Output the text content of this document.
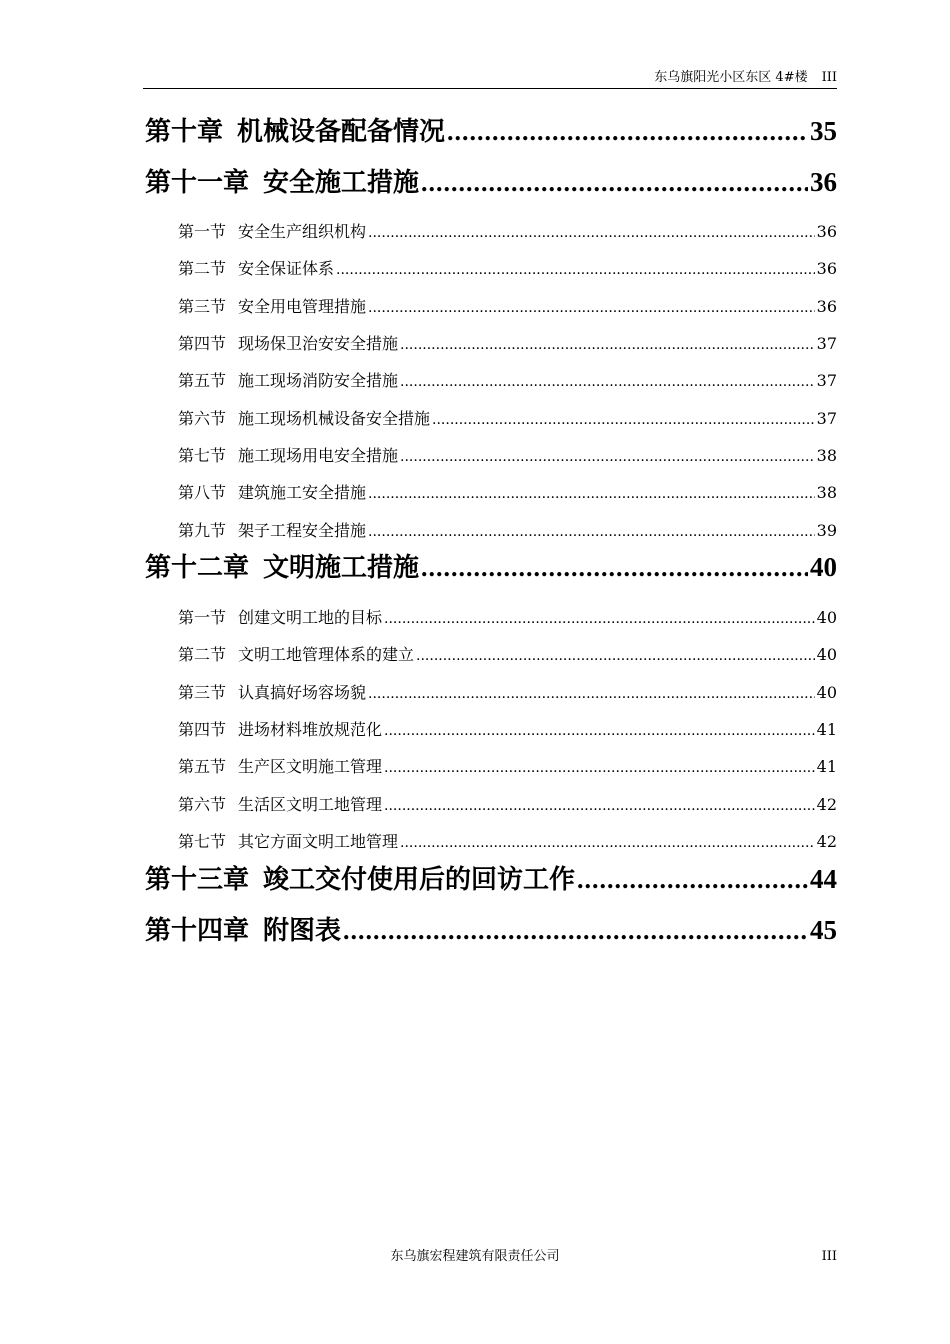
东乌旗阳光小区东区 4#楼 III
第十章 机械设备配备情况 .....	35
第十一章 安全施工措施 .....	36
第一节 安全生产组织机构 .....	36
第二节 安全保证体系 .....	36
第三节 安全用电管理措施 .....	36
第四节 现场保卫治安安全措施 .....	37
第五节 施工现场消防安全措施 .....	37
第六节 施工现场机械设备安全措施 .....	37
第七节 施工现场用电安全措施 .....	38
第八节 建筑施工安全措施 .....	38
第九节 架子工程安全措施 .....	39
第十二章 文明施工措施 .....	40
第一节 创建文明工地的目标 .....	40
第二节 文明工地管理体系的建立 .....	40
第三节 认真搞好场容场貌 .....	40
第四节 进场材料堆放规范化 .....	41
第五节 生产区文明施工管理 .....	41
第六节 生活区文明工地管理 .....	42
第七节 其它方面文明工地管理 .....	42
第十三章 竣工交付使用后的回访工作 .....	44
第十四章 附图表 .....	45
东乌旗宏程建筑有限责任公司	III
